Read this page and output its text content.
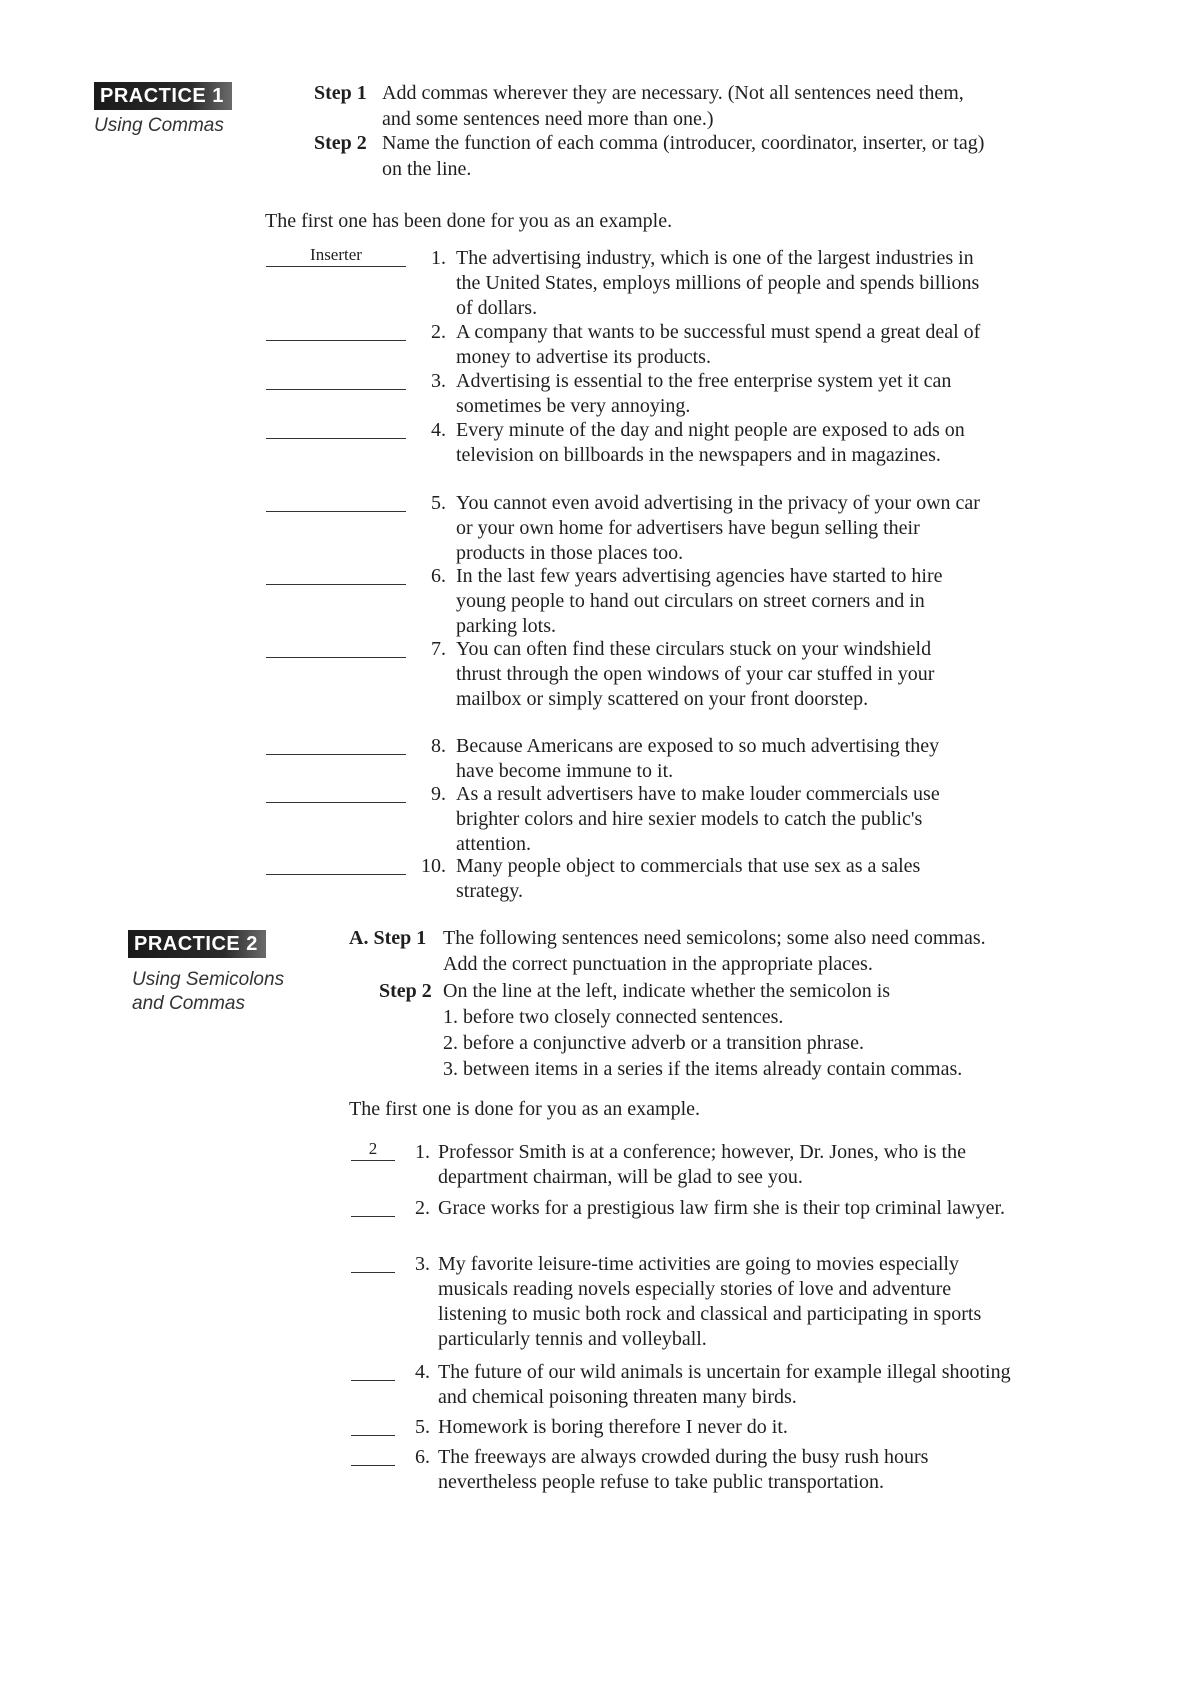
PRACTICE 1
Using Commas
Step 1 Add commas wherever they are necessary. (Not all sentences need them, and some sentences need more than one.)
Step 2 Name the function of each comma (introducer, coordinator, inserter, or tag) on the line.
The first one has been done for you as an example.
Inserter	1. The advertising industry, which is one of the largest industries in the United States, employs millions of people and spends billions of dollars.
2. A company that wants to be successful must spend a great deal of money to advertise its products.
3. Advertising is essential to the free enterprise system yet it can sometimes be very annoying.
4. Every minute of the day and night people are exposed to ads on television on billboards in the newspapers and in magazines.
5. You cannot even avoid advertising in the privacy of your own car or your own home for advertisers have begun selling their products in those places too.
6. In the last few years advertising agencies have started to hire young people to hand out circulars on street corners and in parking lots.
7. You can often find these circulars stuck on your windshield thrust through the open windows of your car stuffed in your mailbox or simply scattered on your front doorstep.
8. Because Americans are exposed to so much advertising they have become immune to it.
9. As a result advertisers have to make louder commercials use brighter colors and hire sexier models to catch the public's attention.
10. Many people object to commercials that use sex as a sales strategy.
PRACTICE 2
Using Semicolons and Commas
A. Step 1 The following sentences need semicolons; some also need commas. Add the correct punctuation in the appropriate places.
Step 2 On the line at the left, indicate whether the semicolon is
1. before two closely connected sentences.
2. before a conjunctive adverb or a transition phrase.
3. between items in a series if the items already contain commas.
The first one is done for you as an example.
2	1. Professor Smith is at a conference; however, Dr. Jones, who is the department chairman, will be glad to see you.
2. Grace works for a prestigious law firm she is their top criminal lawyer.
3. My favorite leisure-time activities are going to movies especially musicals reading novels especially stories of love and adventure listening to music both rock and classical and participating in sports particularly tennis and volleyball.
4. The future of our wild animals is uncertain for example illegal shooting and chemical poisoning threaten many birds.
5. Homework is boring therefore I never do it.
6. The freeways are always crowded during the busy rush hours nevertheless people refuse to take public transportation.
